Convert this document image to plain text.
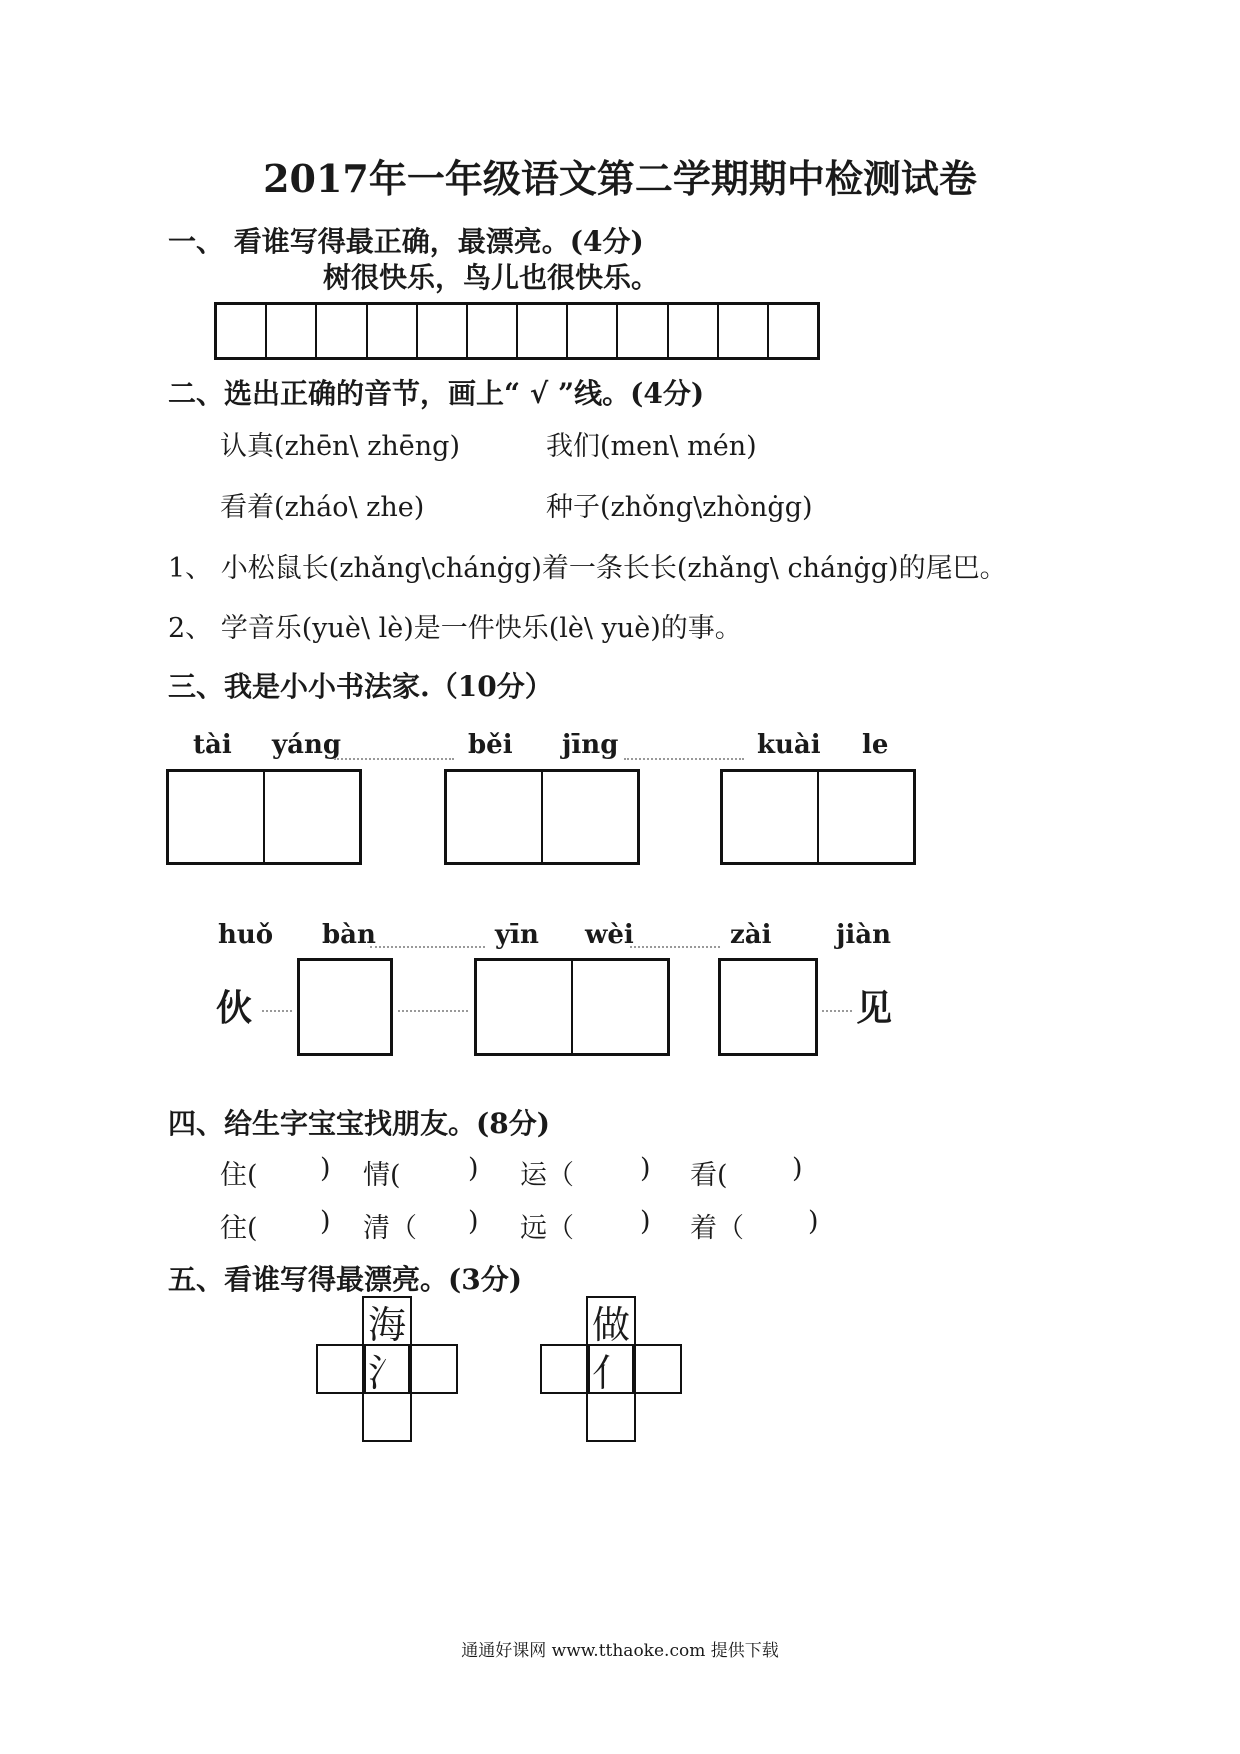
2017年一年级语文第二学期期中检测试卷
一、 看谁写得最正确，最漂亮。(4分)
树很快乐，鸟儿也很快乐。
二、选出正确的音节，画上“ √ ”线。(4分)
认真(zhēn\ zhēng)	我们(men\ mén)
看着(zháo\ zhe)	种子(zhǒng\zhònġg)
1、 小松鼠长(zhǎng\chánġg)着一条长长(zhǎng\ chánġg)的尾巴。
2、 学音乐(yuè\ lè)是一件快乐(lè\ yuè)的事。
三、我是小小书法家.（10分）
tài yáng	běi jīng	kuài le
huǒ bàn	yīn wèi	zài jiàn
伙	见
四、给生字宝宝找朋友。(8分)
住( ) 情( ) 运（ ) 看( )
往( ) 清（ ) 远（ ) 着（ )
五、看谁写得最漂亮。(3分)
海
氵
做
亻
通通好课网 www.tthaoke.com 提供下载
